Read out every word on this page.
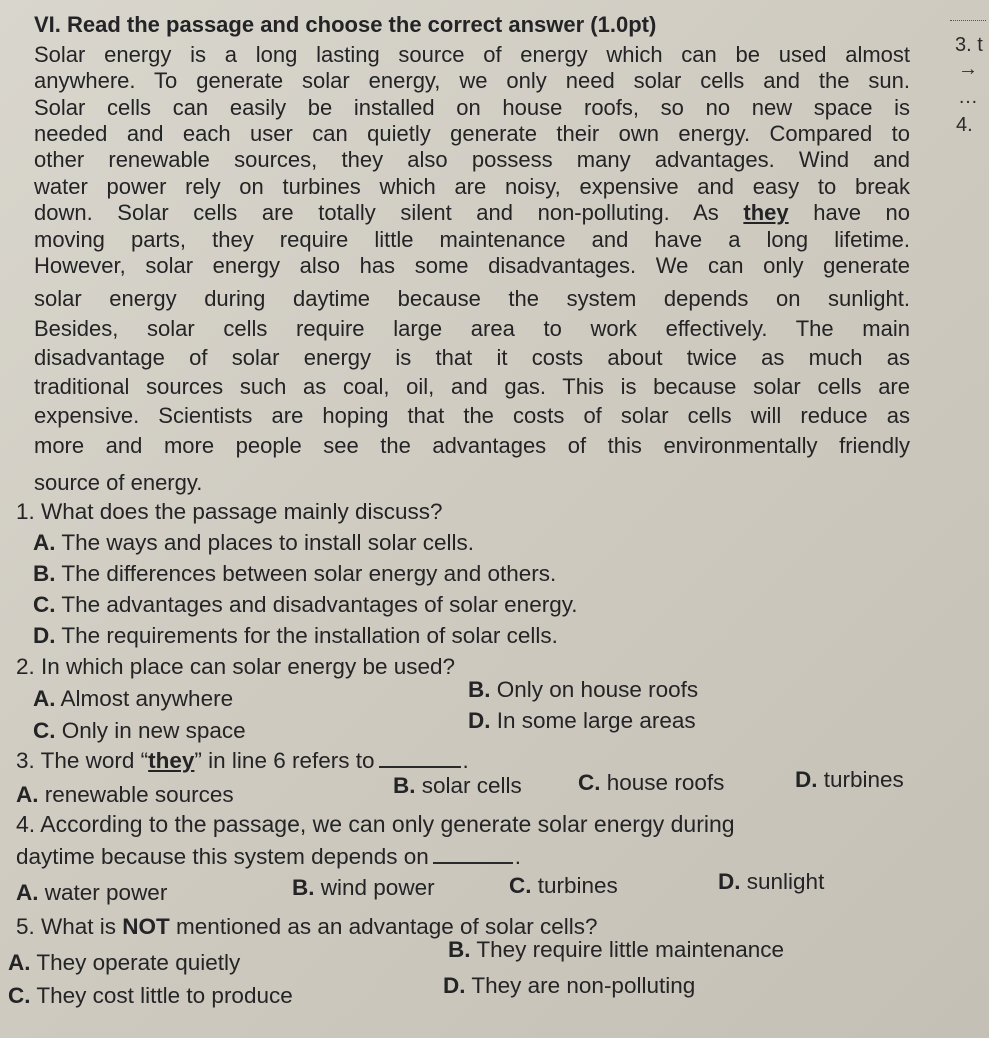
VI. Read the passage and choose the correct answer (1.0pt)
Solar energy is a long lasting source of energy which can be used almost
anywhere. To generate solar energy, we only need solar cells and the sun.
Solar cells can easily be installed on house roofs, so no new space is
needed and each user can quietly generate their own energy. Compared to
other renewable sources, they also possess many advantages. Wind and
water power rely on turbines which are noisy, expensive and easy to break
down. Solar cells are totally silent and non-polluting. As they have no
moving parts, they require little maintenance and have a long lifetime.
However, solar energy also has some disadvantages. We can only generate
solar energy during daytime because the system depends on sunlight.
Besides, solar cells require large area to work effectively. The main
disadvantage of solar energy is that it costs about twice as much as
traditional sources such as coal, oil, and gas. This is because solar cells are
expensive. Scientists are hoping that the costs of solar cells will reduce as
more and more people see the advantages of this environmentally friendly
source of energy.
1. What does the passage mainly discuss?
A. The ways and places to install solar cells.
B. The differences between solar energy and others.
C. The advantages and disadvantages of solar energy.
D. The requirements for the installation of solar cells.
2. In which place can solar energy be used?
A. Almost anywhere	B. Only on house roofs
C. Only in new space	D. In some large areas
3. The word “they” in line 6 refers to	.
A. renewable sources	B. solar cells C. house roofs	D. turbines
4. According to the passage, we can only generate solar energy during
daytime because this system depends on	.
A. water power	B. wind power	C. turbines	D. sunlight
5. What is NOT mentioned as an advantage of solar cells?
A. They operate quietly
B. They require little maintenance
C. They cost little to produce	D. They are non-polluting
3. t
→
…
4.
